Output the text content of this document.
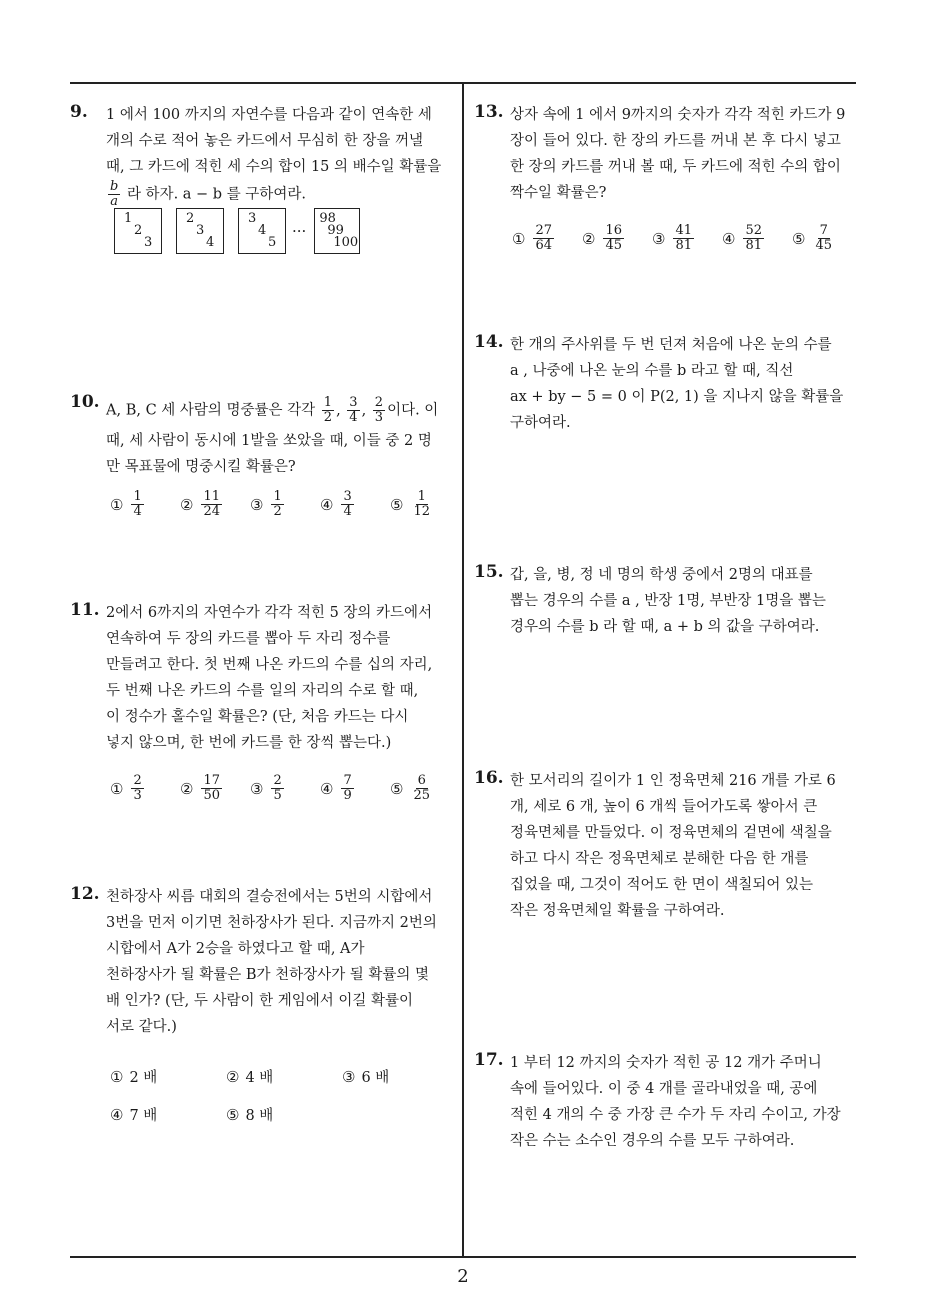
9. 1 에서 100 까지의 자연수를 다음과 같이 연속한 세
개의 수로 적어 놓은 카드에서 무심히 한 장을 꺼낼
때, 그 카드에 적힌 세 수의 합이 15 의 배수일 확률을
$\frac{b}{a}$ 라 하자. a − b 를 구하여라.
1
2
3
2
3
4
3
4
5
···
98
99
100
10. A, B, C 세 사람의 명중률은 각각 $\frac{1}{2}$ , $\frac{3}{4}$ , $\frac{2}{3}$ 이다. 이
때, 세 사람이 동시에 1발을 쏘았을 때, 이들 중 2 명
만 목표물에 명중시킬 확률은?
① $\frac{1}{4}$ ② $\frac{11}{24}$ ③ $\frac{1}{2}$ ④ $\frac{3}{4}$ ⑤ $\frac{1}{12}$
11. 2에서 6까지의 자연수가 각각 적힌 5 장의 카드에서
연속하여 두 장의 카드를 뽑아 두 자리 정수를
만들려고 한다. 첫 번째 나온 카드의 수를 십의 자리,
두 번째 나온 카드의 수를 일의 자리의 수로 할 때,
이 정수가 홀수일 확률은? (단, 처음 카드는 다시
넣지 않으며, 한 번에 카드를 한 장씩 뽑는다.)
① $\frac{2}{3}$ ② $\frac{17}{50}$ ③ $\frac{2}{5}$ ④ $\frac{7}{9}$ ⑤ $\frac{6}{25}$
12. 천하장사 씨름 대회의 결승전에서는 5번의 시합에서
3번을 먼저 이기면 천하장사가 된다. 지금까지 2번의
시합에서 A가 2승을 하였다고 할 때, A가
천하장사가 될 확률은 B가 천하장사가 될 확률의 몇
배 인가? (단, 두 사람이 한 게임에서 이길 확률이
서로 같다.)
① 2 배	② 4 배	③ 6 배
④ 7 배	⑤ 8 배
13. 상자 속에 1 에서 9까지의 숫자가 각각 적힌 카드가 9
장이 들어 있다. 한 장의 카드를 꺼내 본 후 다시 넣고
한 장의 카드를 꺼내 볼 때, 두 카드에 적힌 수의 합이
짝수일 확률은?
① $\frac{27}{64}$ ② $\frac{16}{45}$ ③ $\frac{41}{81}$ ④ $\frac{52}{81}$ ⑤ $\frac{7}{45}$
14. 한 개의 주사위를 두 번 던져 처음에 나온 눈의 수를
a , 나중에 나온 눈의 수를 b 라고 할 때, 직선
ax + by − 5 = 0 이 P(2, 1) 을 지나지 않을 확률을
구하여라.
15. 갑, 을, 병, 정 네 명의 학생 중에서 2명의 대표를
뽑는 경우의 수를 a , 반장 1명, 부반장 1명을 뽑는
경우의 수를 b 라 할 때, a + b 의 값을 구하여라.
16. 한 모서리의 길이가 1 인 정육면체 216 개를 가로 6
개, 세로 6 개, 높이 6 개씩 들어가도록 쌓아서 큰
정육면체를 만들었다. 이 정육면체의 겉면에 색칠을
하고 다시 작은 정육면체로 분해한 다음 한 개를
집었을 때, 그것이 적어도 한 면이 색칠되어 있는
작은 정육면체일 확률을 구하여라.
17. 1 부터 12 까지의 숫자가 적힌 공 12 개가 주머니
속에 들어있다. 이 중 4 개를 골라내었을 때, 공에
적힌 4 개의 수 중 가장 큰 수가 두 자리 수이고, 가장
작은 수는 소수인 경우의 수를 모두 구하여라.
2
